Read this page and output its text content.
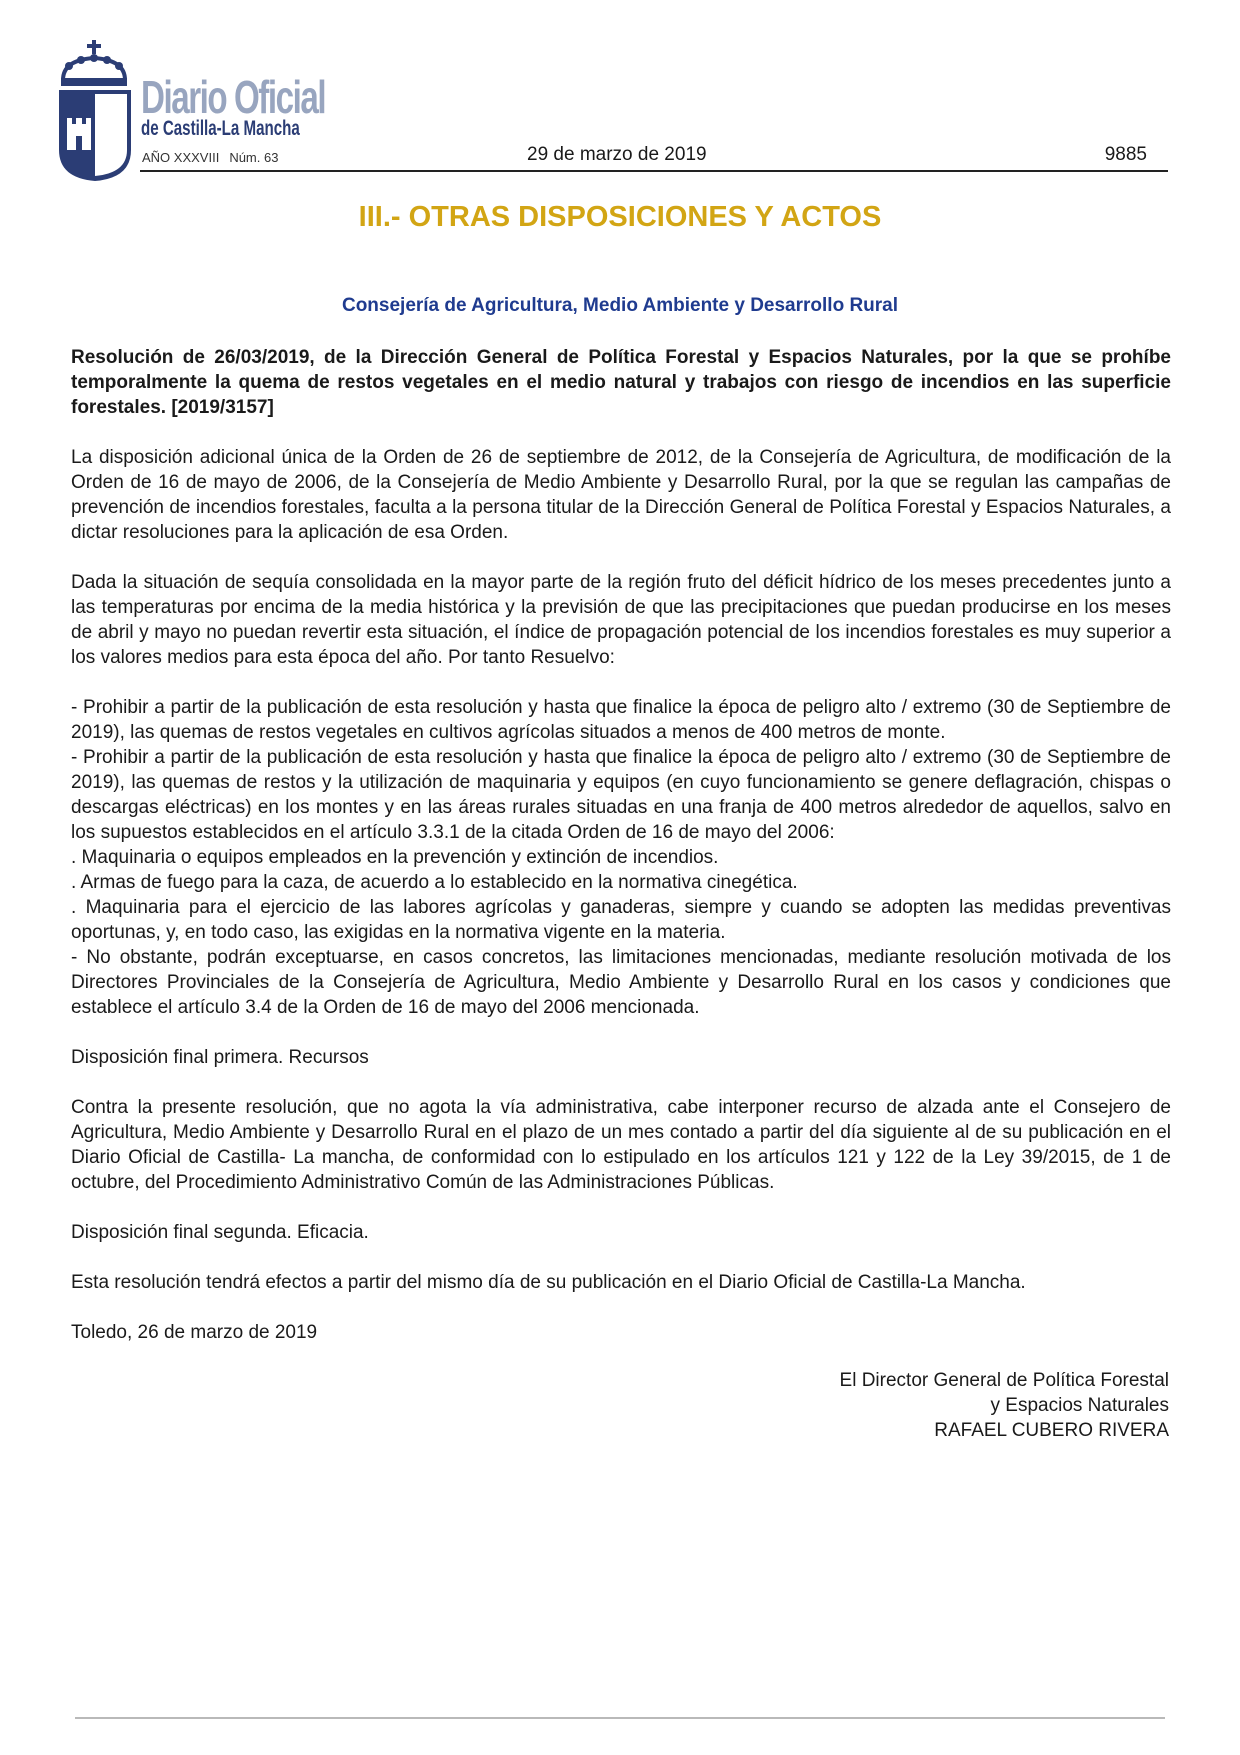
Diario Oficial
de Castilla-La Mancha
AÑO XXXVIII Núm. 63	29 de marzo de 2019	9885
III.- OTRAS DISPOSICIONES Y ACTOS
Consejería de Agricultura, Medio Ambiente y Desarrollo Rural

Resolución de 26/03/2019, de la Dirección General de Política Forestal y Espacios Naturales, por la que se prohíbe temporalmente la quema de restos vegetales en el medio natural y trabajos con riesgo de incendios en las superficie forestales. [2019/3157]

La disposición adicional única de la Orden de 26 de septiembre de 2012, de la Consejería de Agricultura, de modificación de la Orden de 16 de mayo de 2006, de la Consejería de Medio Ambiente y Desarrollo Rural, por la que se regulan las campañas de prevención de incendios forestales, faculta a la persona titular de la Dirección General de Política Forestal y Espacios Naturales, a dictar resoluciones para la aplicación de esa Orden.

Dada la situación de sequía consolidada en la mayor parte de la región fruto del déficit hídrico de los meses precedentes junto a las temperaturas por encima de la media histórica y la previsión de que las precipitaciones que puedan producirse en los meses de abril y mayo no puedan revertir esta situación, el índice de propagación potencial de los incendios forestales es muy superior a los valores medios para esta época del año. Por tanto Resuelvo:

- Prohibir a partir de la publicación de esta resolución y hasta que finalice la época de peligro alto / extremo (30 de Septiembre de 2019), las quemas de restos vegetales en cultivos agrícolas situados a menos de 400 metros de monte.

- Prohibir a partir de la publicación de esta resolución y hasta que finalice la época de peligro alto / extremo (30 de Septiembre de 2019), las quemas de restos y la utilización de maquinaria y equipos (en cuyo funcionamiento se genere deflagración, chispas o descargas eléctricas) en los montes y en las áreas rurales situadas en una franja de 400 metros alrededor de aquellos, salvo en los supuestos establecidos en el artículo 3.3.1 de la citada Orden de 16 de mayo del 2006:

. Maquinaria o equipos empleados en la prevención y extinción de incendios.

. Armas de fuego para la caza, de acuerdo a lo establecido en la normativa cinegética.

. Maquinaria para el ejercicio de las labores agrícolas y ganaderas, siempre y cuando se adopten las medidas preventivas oportunas, y, en todo caso, las exigidas en la normativa vigente en la materia.

- No obstante, podrán exceptuarse, en casos concretos, las limitaciones mencionadas, mediante resolución motivada de los Directores Provinciales de la Consejería de Agricultura, Medio Ambiente y Desarrollo Rural en los casos y condiciones que establece el artículo 3.4 de la Orden de 16 de mayo del 2006 mencionada.

Disposición final primera. Recursos

Contra la presente resolución, que no agota la vía administrativa, cabe interponer recurso de alzada ante el Consejero de Agricultura, Medio Ambiente y Desarrollo Rural en el plazo de un mes contado a partir del día siguiente al de su publicación en el Diario Oficial de Castilla- La mancha, de conformidad con lo estipulado en los artículos 121 y 122 de la Ley 39/2015, de 1 de octubre, del Procedimiento Administrativo Común de las Administraciones Públicas.

Disposición final segunda. Eficacia.

Esta resolución tendrá efectos a partir del mismo día de su publicación en el Diario Oficial de Castilla-La Mancha.

Toledo, 26 de marzo de 2019

El Director General de Política Forestal
y Espacios Naturales
RAFAEL CUBERO RIVERA
